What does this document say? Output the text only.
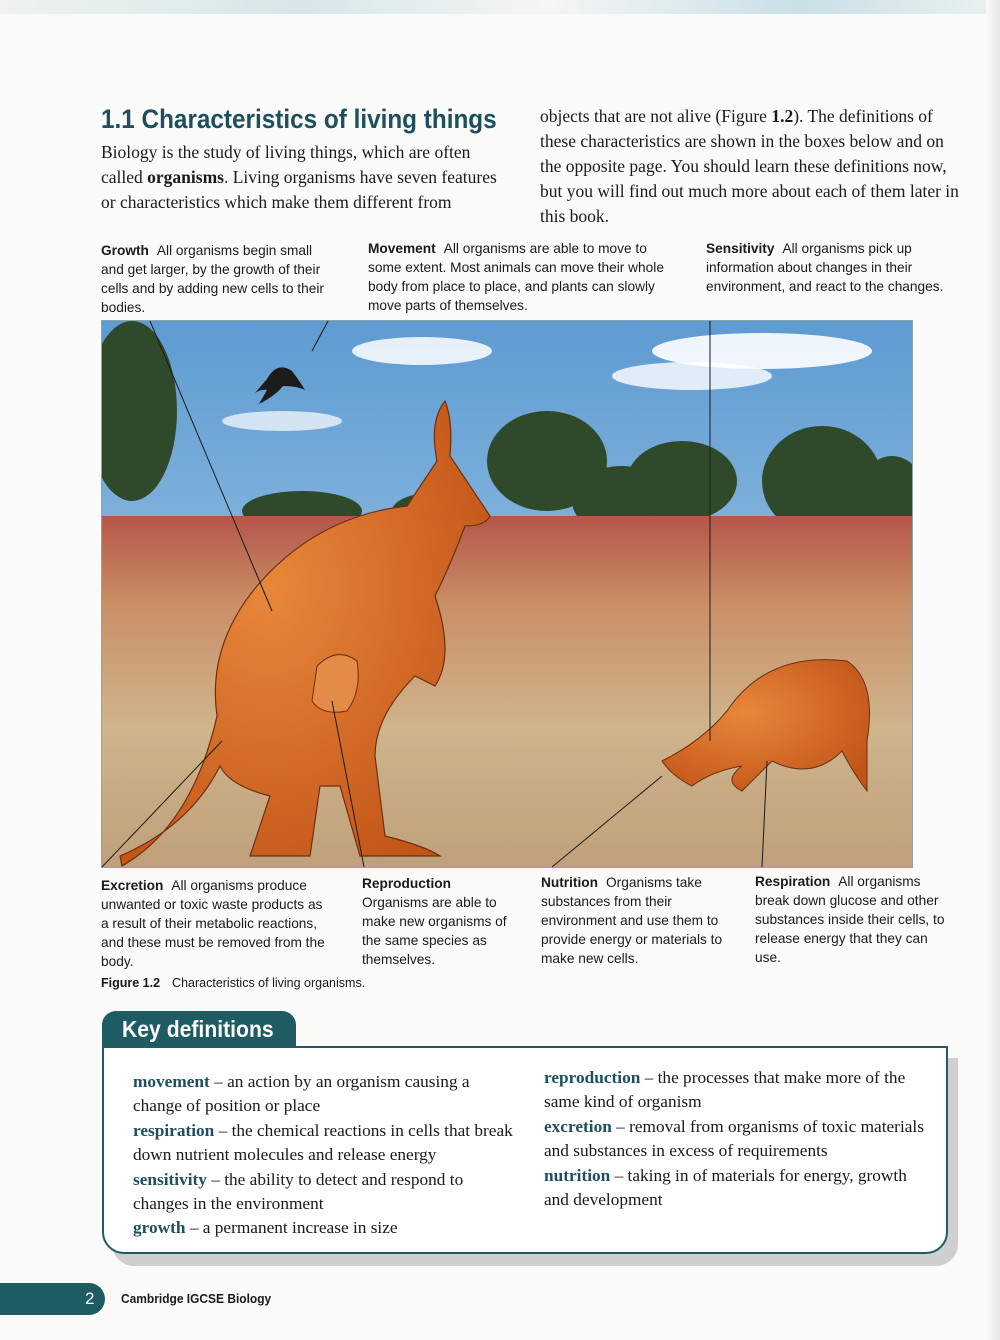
1.1 Characteristics of living things

Biology is the study of living things, which are often called organisms. Living organisms have seven features or characteristics which make them different from

objects that are not alive (Figure 1.2). The definitions of these characteristics are shown in the boxes below and on the opposite page. You should learn these definitions now, but you will find out much more about each of them later in this book.

Growth All organisms begin small and get larger, by the growth of their cells and by adding new cells to their bodies.
Movement All organisms are able to move to some extent. Most animals can move their whole body from place to place, and plants can slowly move parts of themselves.
Sensitivity All organisms pick up information about changes in their environment, and react to the changes.
Excretion All organisms produce unwanted or toxic waste products as a result of their metabolic reactions, and these must be removed from the body.
Reproduction
Organisms are able to make new organisms of the same species as themselves.
Nutrition Organisms take substances from their environment and use them to provide energy or materials to make new cells.
Respiration All organisms break down glucose and other substances inside their cells, to release energy that they can use.
Figure 1.2 Characteristics of living organisms.
Key definitions
movement – an action by an organism causing a change of position or place
respiration – the chemical reactions in cells that break down nutrient molecules and release energy
sensitivity – the ability to detect and respond to changes in the environment
growth – a permanent increase in size
reproduction – the processes that make more of the same kind of organism
excretion – removal from organisms of toxic materials and substances in excess of requirements
nutrition – taking in of materials for energy, growth and development
2 Cambridge IGCSE Biology
